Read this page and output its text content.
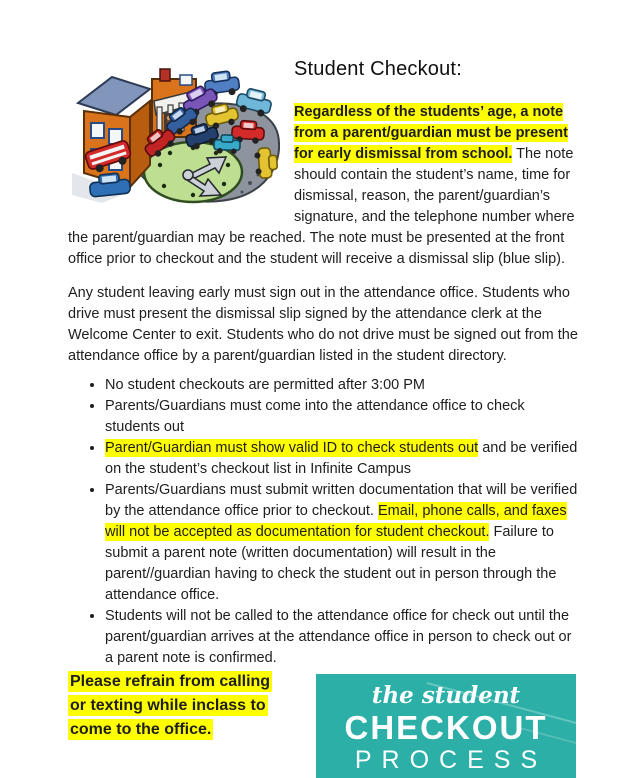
Student Checkout:

Regardless of the students’ age, a note from a parent/guardian must be present for early dismissal from school. The note should contain the student’s name, time for dismissal, reason, the parent/guardian’s signature, and the telephone number where the parent/guardian may be reached. The note must be presented at the front office prior to checkout and the student will receive a dismissal slip (blue slip).

Any student leaving early must sign out in the attendance office. Students who drive must present the dismissal slip signed by the attendance clerk at the Welcome Center to exit. Students who do not drive must be signed out from the attendance office by a parent/guardian listed in the student directory.

• No student checkouts are permitted after 3:00 PM
• Parents/Guardians must come into the attendance office to check students out
• Parent/Guardian must show valid ID to check students out and be verified on the student’s checkout list in Infinite Campus
• Parents/Guardians must submit written documentation that will be verified by the attendance office prior to checkout. Email, phone calls, and faxes will not be accepted as documentation for student checkout. Failure to submit a parent note (written documentation) will result in the parent//guardian having to check the student out in person through the attendance office.
• Students will not be called to the attendance office for check out until the parent/guardian arrives at the attendance office in person to check out or a parent note is confirmed.
the student
CHECKOUT
PROCESS
Please refrain from calling
or texting while inclass to
come to the office.
